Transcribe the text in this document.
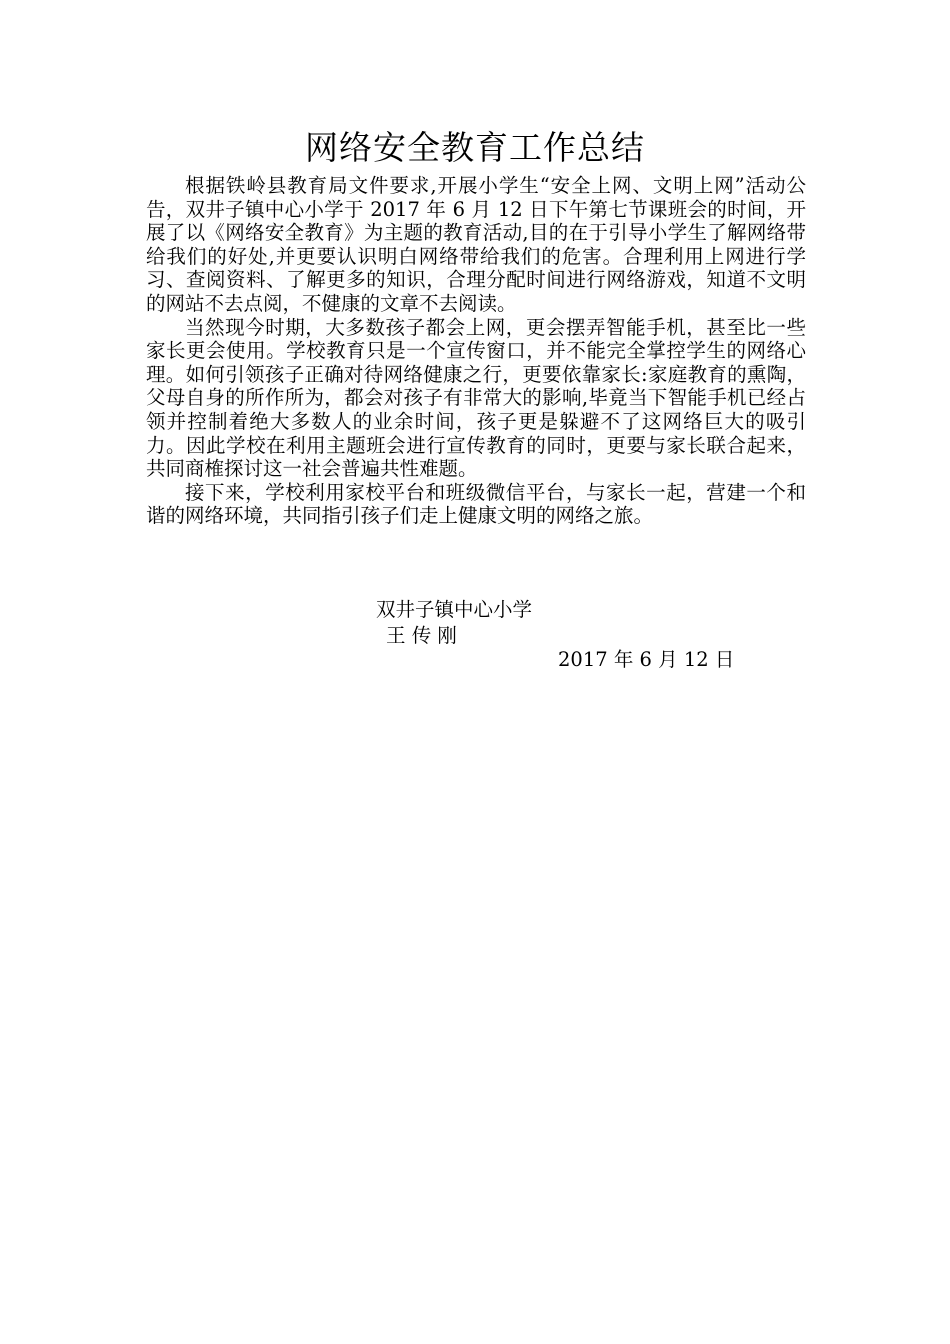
网络安全教育工作总结

根据铁岭县教育局文件要求,开展小学生“安全上网、文明上网”活动公告，双井子镇中心小学于 2017 年 6 月 12 日下午第七节课班会的时间，开展了以《网络安全教育》为主题的教育活动,目的在于引导小学生了解网络带给我们的好处,并更要认识明白网络带给我们的危害。合理利用上网进行学习、查阅资料、了解更多的知识，合理分配时间进行网络游戏，知道不文明的网站不去点阅，不健康的文章不去阅读。

当然现今时期，大多数孩子都会上网，更会摆弄智能手机，甚至比一些家长更会使用。学校教育只是一个宣传窗口，并不能完全掌控学生的网络心理。如何引领孩子正确对待网络健康之行，更要依靠家长:家庭教育的熏陶，父母自身的所作所为，都会对孩子有非常大的影响,毕竟当下智能手机已经占领并控制着绝大多数人的业余时间，孩子更是躲避不了这网络巨大的吸引力。因此学校在利用主题班会进行宣传教育的同时，更要与家长联合起来，共同商榷探讨这一社会普遍共性难题。

接下来，学校利用家校平台和班级微信平台，与家长一起，营建一个和谐的网络环境，共同指引孩子们走上健康文明的网络之旅。

双井子镇中心小学
王 传 刚
2017 年 6 月 12 日
